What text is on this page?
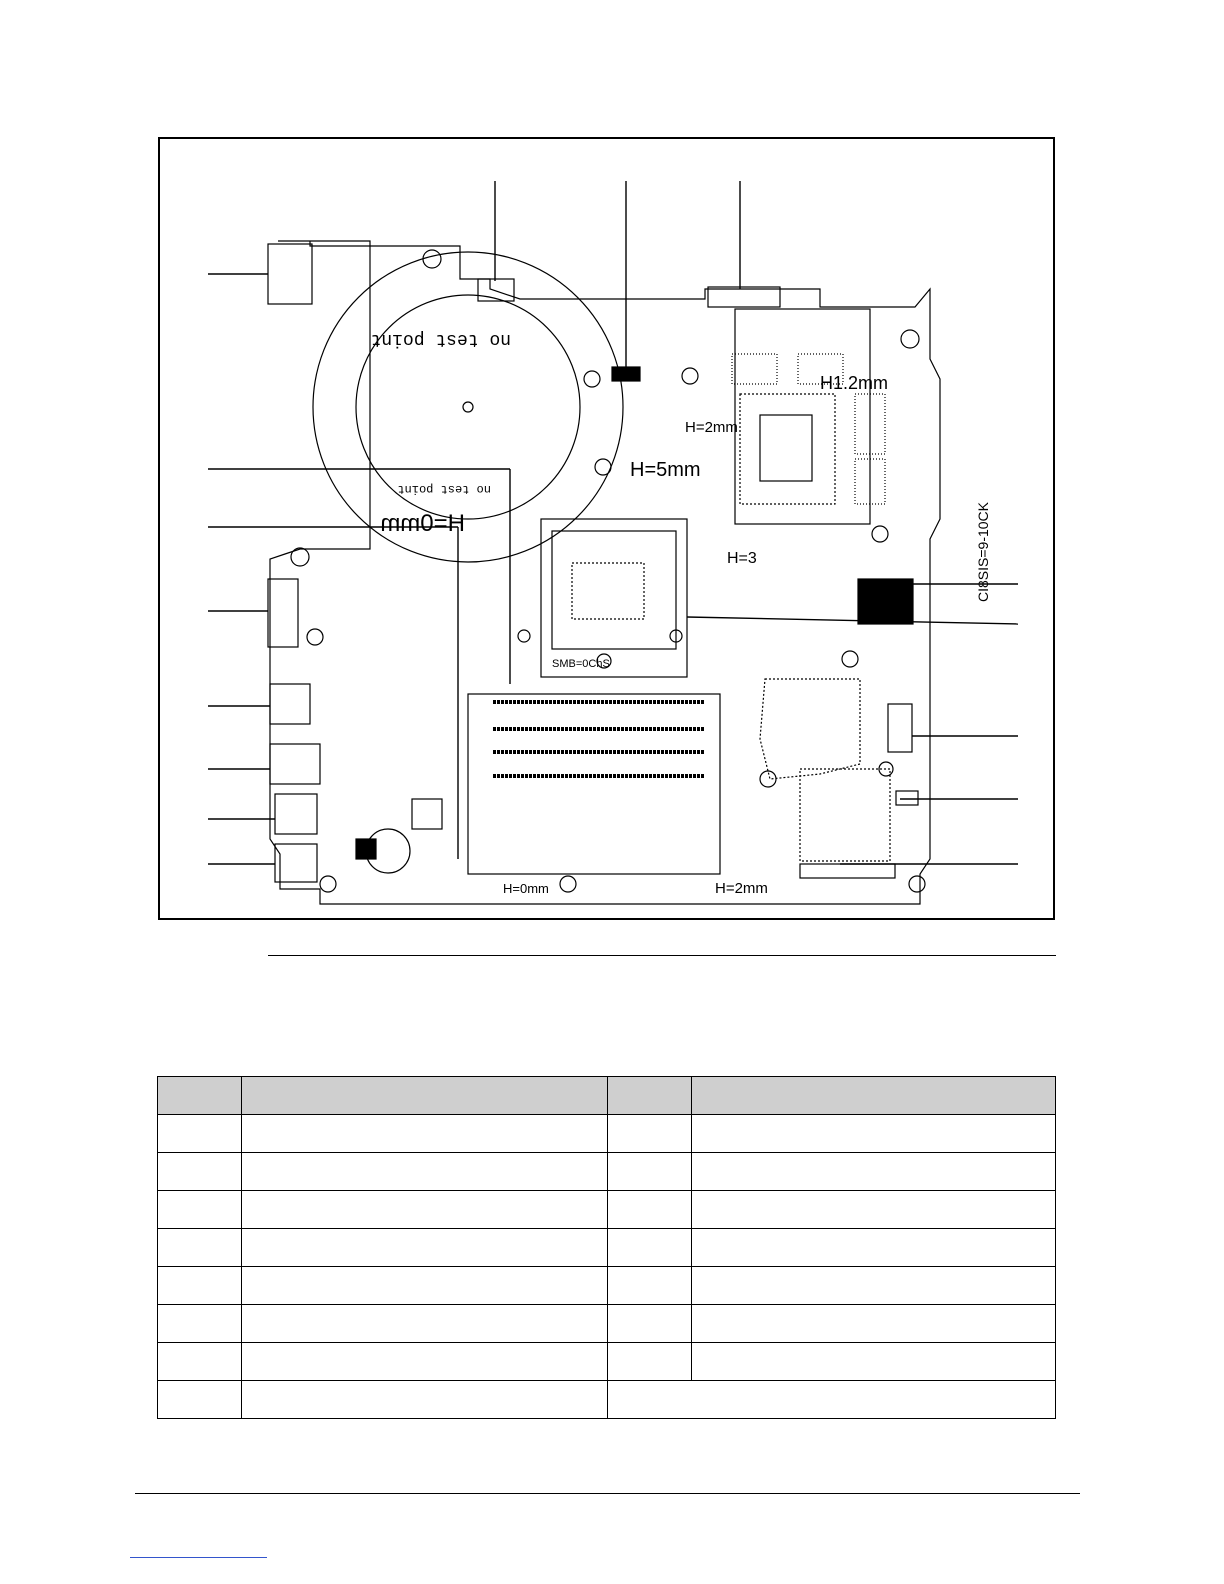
no test point
no test point
H=0mm
H1.2mm
H=2mm
H=5mm
H=3
SMB=0ChS
H=0mm	H=2mm
CI8SIS=9-10CK
